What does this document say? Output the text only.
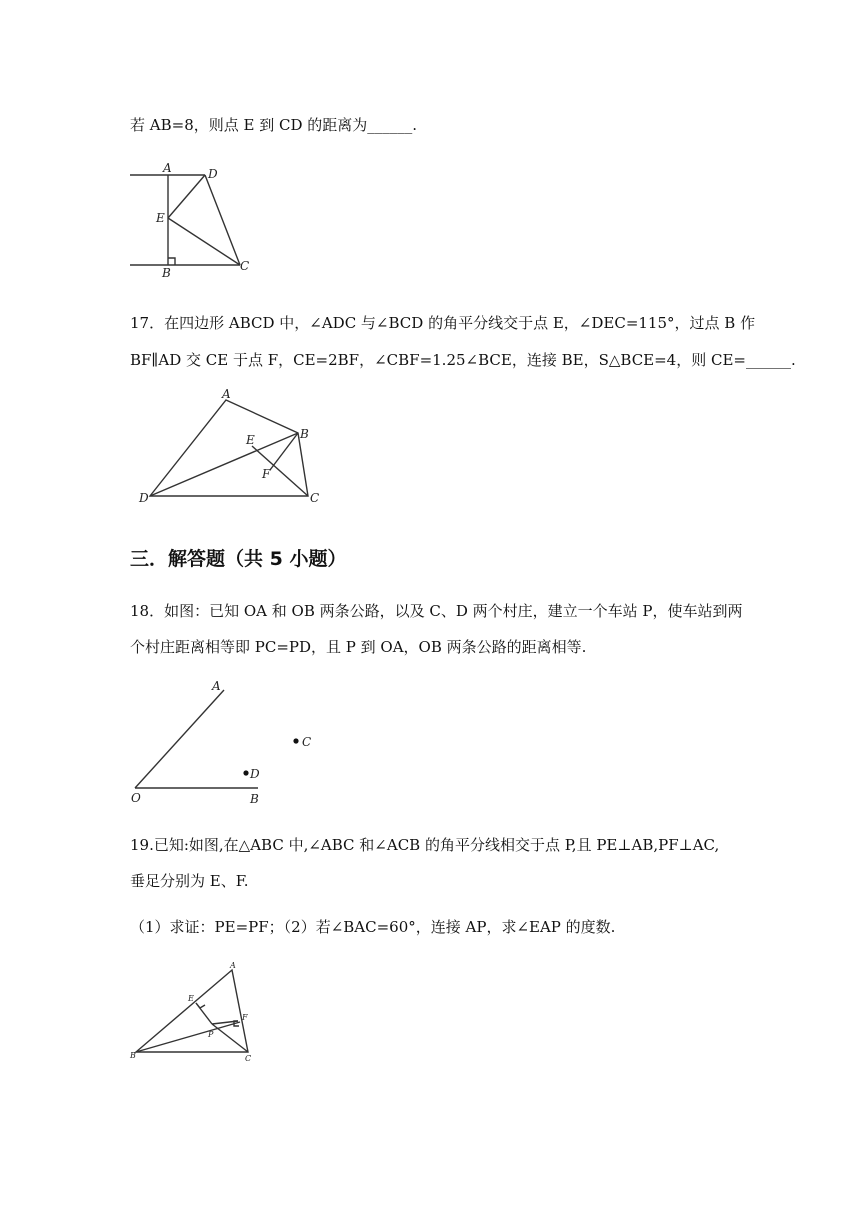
若 AB=8，则点 E 到 CD 的距离为______.
A	D
E
B	C
17．在四边形 ABCD 中，∠ADC 与∠BCD 的角平分线交于点 E，∠DEC=115°，过点 B 作
BF∥AD 交 CE 于点 F，CE=2BF，∠CBF=1.25∠BCE，连接 BE，S△BCE=4，则 CE=______.
A
B
E
F
D	C
三．解答题（共 5 小题）
18．如图：已知 OA 和 OB 两条公路，以及 C、D 两个村庄，建立一个车站 P，使车站到两
个村庄距离相等即 PC=PD，且 P 到 OA，OB 两条公路的距离相等.
A
C
D
O	B
19.已知:如图,在△ABC 中,∠ABC 和∠ACB 的角平分线相交于点 P,且 PE⊥AB,PF⊥AC,
垂足分别为 E、F.
（1）求证：PE=PF；（2）若∠BAC=60°，连接 AP，求∠EAP 的度数.
A
E
F
P
B	C
